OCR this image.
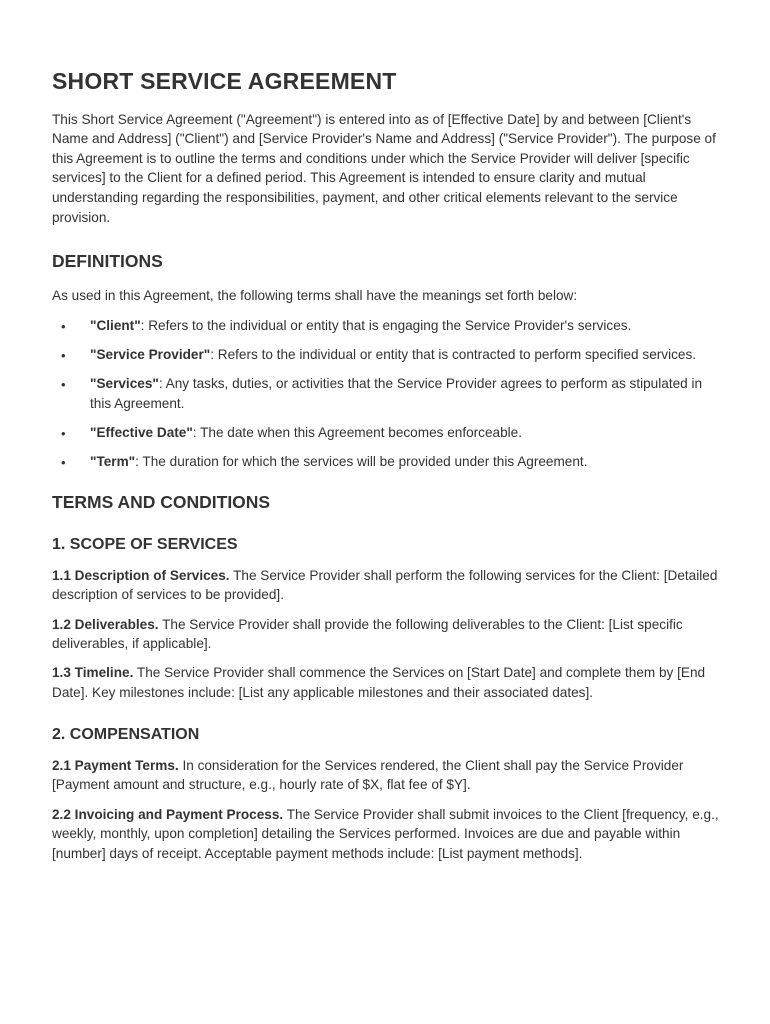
SHORT SERVICE AGREEMENT

This Short Service Agreement ("Agreement") is entered into as of [Effective Date] by and between [Client's Name and Address] ("Client") and [Service Provider's Name and Address] ("Service Provider"). The purpose of this Agreement is to outline the terms and conditions under which the Service Provider will deliver [specific services] to the Client for a defined period. This Agreement is intended to ensure clarity and mutual understanding regarding the responsibilities, payment, and other critical elements relevant to the service provision.

DEFINITIONS

As used in this Agreement, the following terms shall have the meanings set forth below:

• "Client": Refers to the individual or entity that is engaging the Service Provider's services.
• "Service Provider": Refers to the individual or entity that is contracted to perform specified services.
• "Services": Any tasks, duties, or activities that the Service Provider agrees to perform as stipulated in this Agreement.
• "Effective Date": The date when this Agreement becomes enforceable.
• "Term": The duration for which the services will be provided under this Agreement.
TERMS AND CONDITIONS
1. SCOPE OF SERVICES

1.1 Description of Services. The Service Provider shall perform the following services for the Client: [Detailed description of services to be provided].

1.2 Deliverables. The Service Provider shall provide the following deliverables to the Client: [List specific deliverables, if applicable].

1.3 Timeline. The Service Provider shall commence the Services on [Start Date] and complete them by [End Date]. Key milestones include: [List any applicable milestones and their associated dates].

2. COMPENSATION

2.1 Payment Terms. In consideration for the Services rendered, the Client shall pay the Service Provider [Payment amount and structure, e.g., hourly rate of $X, flat fee of $Y].

2.2 Invoicing and Payment Process. The Service Provider shall submit invoices to the Client [frequency, e.g., weekly, monthly, upon completion] detailing the Services performed. Invoices are due and payable within [number] days of receipt. Acceptable payment methods include: [List payment methods].
